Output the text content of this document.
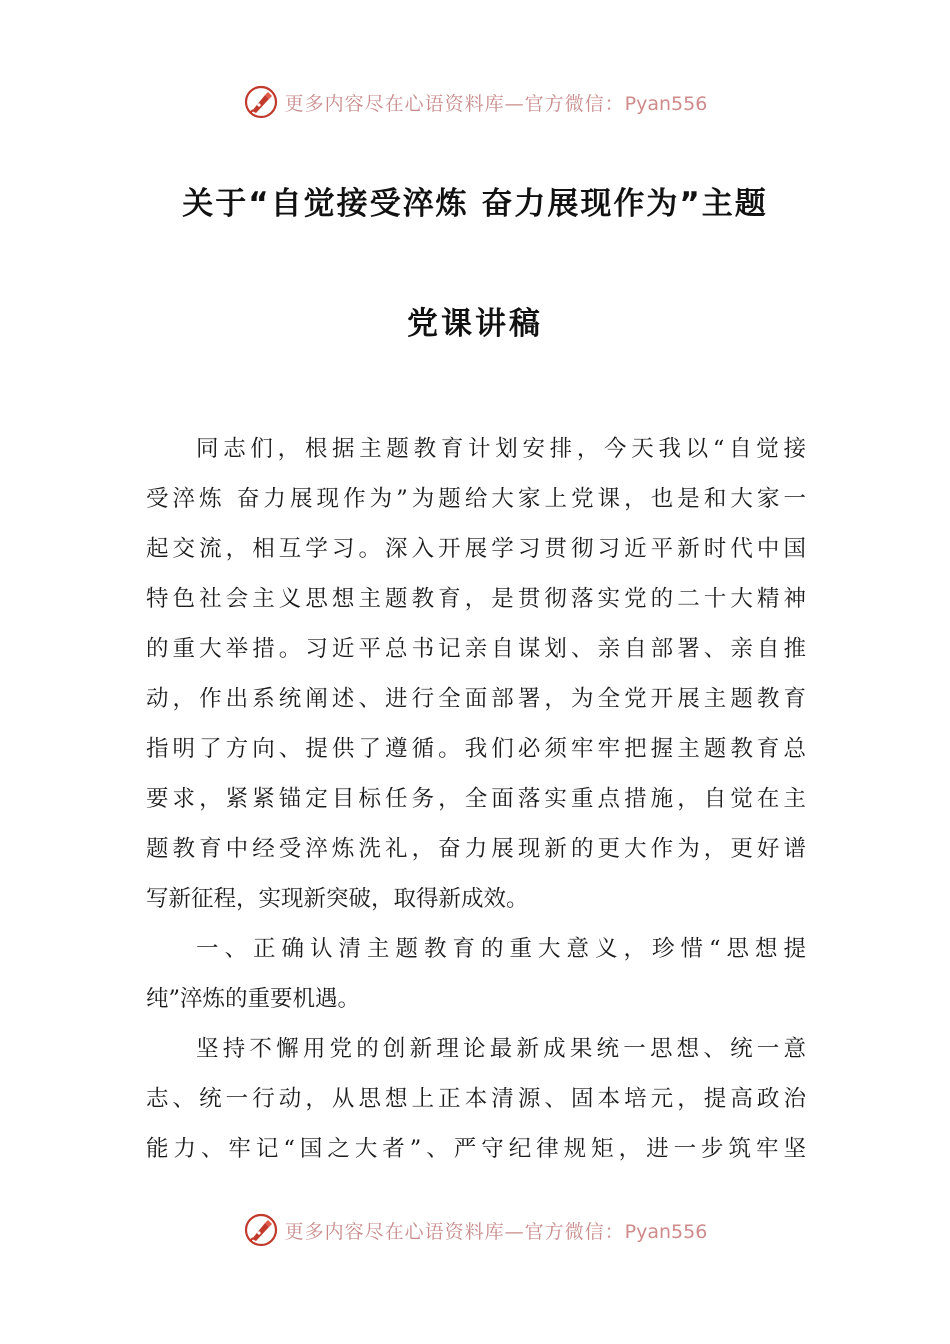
更多内容尽在心语资料库—官方微信：Pyan556
关于“自觉接受淬炼 奋力展现作为”主题
党课讲稿
同志们，根据主题教育计划安排，今天我以“自觉接
受淬炼 奋力展现作为”为题给大家上党课，也是和大家一
起交流，相互学习。深入开展学习贯彻习近平新时代中国
特色社会主义思想主题教育，是贯彻落实党的二十大精神
的重大举措。习近平总书记亲自谋划、亲自部署、亲自推
动，作出系统阐述、进行全面部署，为全党开展主题教育
指明了方向、提供了遵循。我们必须牢牢把握主题教育总
要求，紧紧锚定目标任务，全面落实重点措施，自觉在主
题教育中经受淬炼洗礼，奋力展现新的更大作为，更好谱
写新征程，实现新突破，取得新成效。
一、正确认清主题教育的重大意义，珍惜“思想提
纯”淬炼的重要机遇。
坚持不懈用党的创新理论最新成果统一思想、统一意
志、统一行动，从思想上正本清源、固本培元，提高政治
能力、牢记“国之大者”、严守纪律规矩，进一步筑牢坚
更多内容尽在心语资料库—官方微信：Pyan556
